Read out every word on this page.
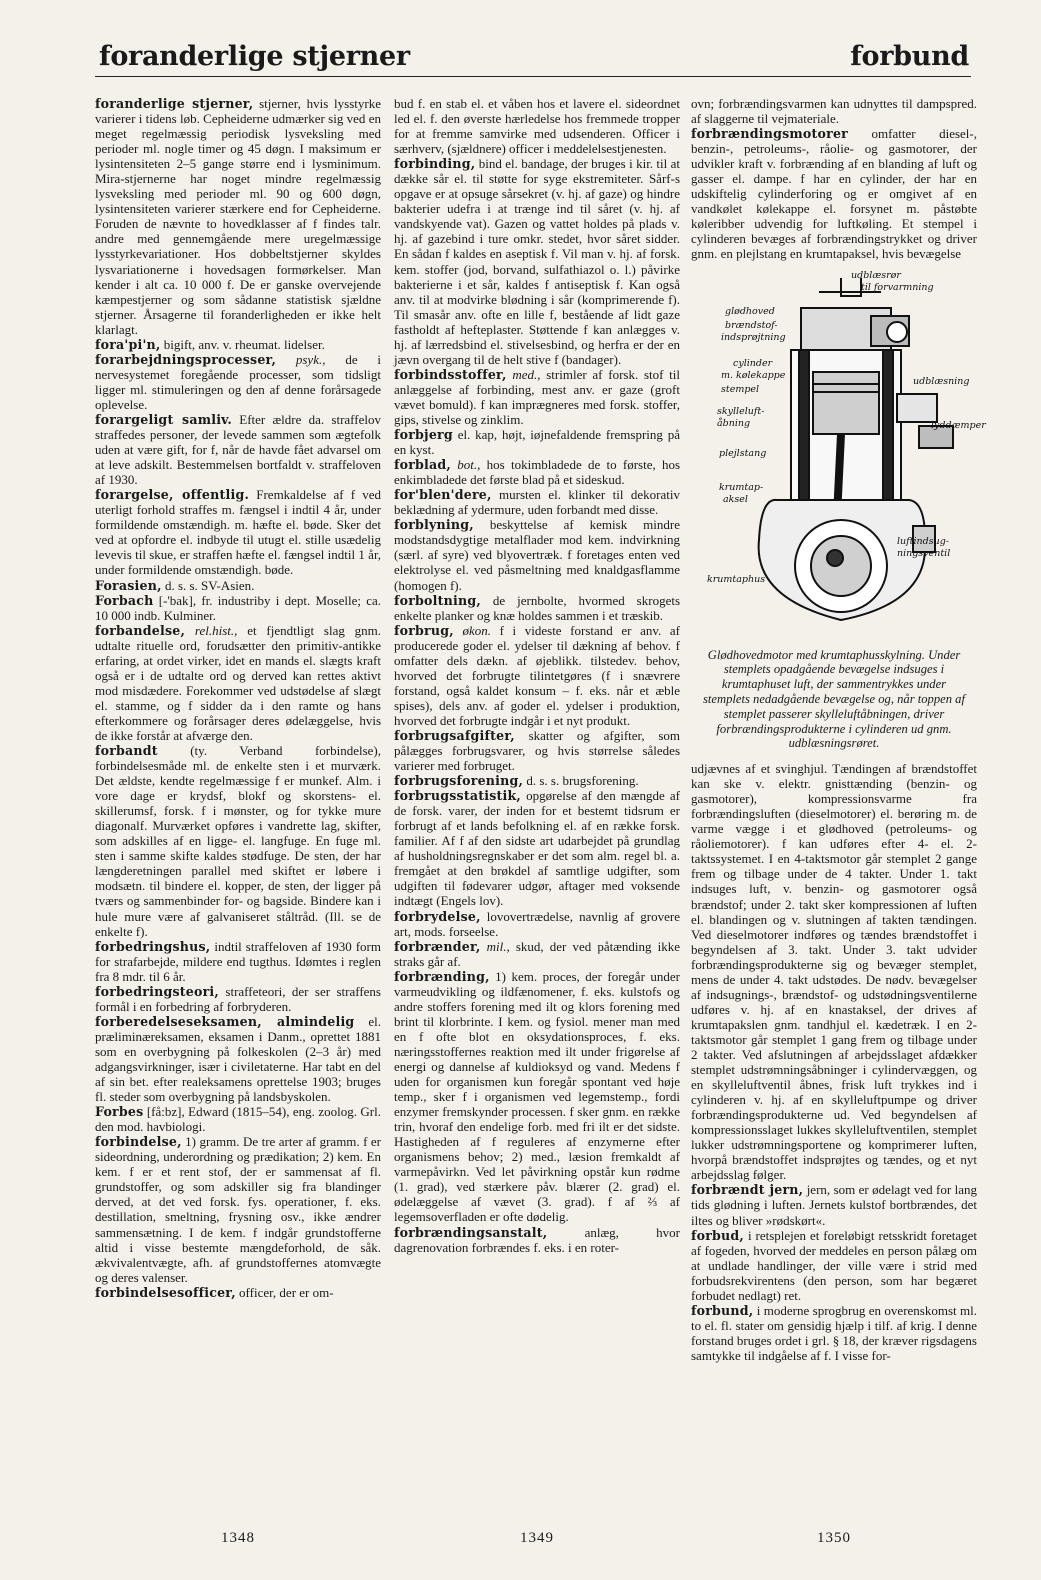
foranderlige stjerner	forbund

foranderlige stjerner, stjerner, hvis lysstyrke varierer i tidens løb. Cepheiderne udmærker sig ved en meget regelmæssig periodisk lysveksling med perioder ml. nogle timer og 45 døgn. I maksimum er lysintensiteten 2–5 gange større end i lysminimum. Mira-stjernerne har noget mindre regelmæssig lysveksling med perioder ml. 90 og 600 døgn, lysintensiteten varierer stærkere end for Cepheiderne. Foruden de nævnte to hovedklasser af f findes talr. andre med gennemgående mere uregelmæssige lysstyrkevariationer. Hos dobbeltstjerner skyldes lysvariationerne i hovedsagen formørkelser. Man kender i alt ca. 10 000 f. De er ganske overvejende kæmpestjerner og som sådanne statistisk sjældne stjerner. Årsagerne til foranderligheden er ikke helt klarlagt.

fora'pi'n, bigift, anv. v. rheumat. lidelser.

forarbejdningsprocesser, psyk., de i nervesystemet foregående processer, som tidsligt ligger ml. stimuleringen og den af denne forårsagede oplevelse.

forargeligt samliv. Efter ældre da. straffelov straffedes personer, der levede sammen som ægtefolk uden at være gift, for f, når de havde fået advarsel om at leve adskilt. Bestemmelsen bortfaldt v. straffeloven af 1930.

forargelse, offentlig. Fremkaldelse af f ved uterligt forhold straffes m. fængsel i indtil 4 år, under formildende omstændigh. m. hæfte el. bøde. Sker det ved at opfordre el. indbyde til utugt el. stille usædelig levevis til skue, er straffen hæfte el. fængsel indtil 1 år, under formildende omstændigh. bøde.

Forasien, d. s. s. SV-Asien.

Forbach [-'bak], fr. industriby i dept. Moselle; ca. 10 000 indb. Kulminer.

forbandelse, rel.hist., et fjendtligt slag gnm. udtalte rituelle ord, forudsætter den primitiv-antikke erfaring, at ordet virker, idet en mands el. slægts kraft også er i de udtalte ord og derved kan rettes aktivt mod misdædere. Forekommer ved udstødelse af slægt el. stamme, og f sidder da i den ramte og hans efterkommere og forårsager deres ødelæggelse, hvis de ikke forstår at afværge den.

forbandt (ty. Verband forbindelse), forbindelsesmåde ml. de enkelte sten i et murværk. Det ældste, kendte regelmæssige f er munkef. Alm. i vore dage er krydsf, blokf og skorstens- el. skillerumsf, forsk. f i mønster, og for tykke mure diagonalf. Murværket opføres i vandrette lag, skifter, som adskilles af en ligge- el. langfuge. En fuge ml. sten i samme skifte kaldes stødfuge. De sten, der har længderetningen parallel med skiftet er løbere i modsætn. til bindere el. kopper, de sten, der ligger på tværs og sammenbinder for- og bagside. Bindere kan i hule mure være af galvaniseret ståltråd. (Ill. se de enkelte f).

forbedringshus, indtil straffeloven af 1930 form for strafarbejde, mildere end tugthus. Idømtes i reglen fra 8 mdr. til 6 år.

forbedringsteori, straffeteori, der ser straffens formål i en forbedring af forbryderen.

forberedelseseksamen, almindelig el. præliminæreksamen, eksamen i Danm., oprettet 1881 som en overbygning på folkeskolen (2–3 år) med adgangsvirkninger, især i civiletaterne. Har tabt en del af sin bet. efter realeksamens oprettelse 1903; bruges fl. steder som overbygning på landsbyskolen.

Forbes [få:bz], Edward (1815–54), eng. zoolog. Grl. den mod. havbiologi.

forbindelse, 1) gramm. De tre arter af gramm. f er sideordning, underordning og prædikation; 2) kem. En kem. f er et rent stof, der er sammensat af fl. grundstoffer, og som adskiller sig fra blandinger derved, at det ved forsk. fys. operationer, f. eks. destillation, smeltning, frysning osv., ikke ændrer sammensætning. I de kem. f indgår grundstofferne altid i visse bestemte mængdeforhold, de såk. ækvivalentvægte, afh. af grundstoffernes atomvægte og deres valenser.

forbindelsesofficer, officer, der er om-

bud f. en stab el. et våben hos et lavere el. sideordnet led el. f. den øverste hærledelse hos fremmede tropper for at fremme samvirke med udsenderen. Officer i særhverv, (sjældnere) officer i meddelelsestjenesten.

forbinding, bind el. bandage, der bruges i kir. til at dække sår el. til støtte for syge ekstremiteter. Sårf-s opgave er at opsuge sårsekret (v. hj. af gaze) og hindre bakterier udefra i at trænge ind til såret (v. hj. af vandskyende vat). Gazen og vattet holdes på plads v. hj. af gazebind i ture omkr. stedet, hvor såret sidder. En sådan f kaldes en aseptisk f. Vil man v. hj. af forsk. kem. stoffer (jod, borvand, sulfathiazol o. l.) påvirke bakterierne i et sår, kaldes f antiseptisk f. Kan også anv. til at modvirke blødning i sår (komprimerende f). Til smasår anv. ofte en lille f, bestående af lidt gaze fastholdt af hefteplaster. Støttende f kan anlægges v. hj. af lærredsbind el. stivelsesbind, og herfra er der en jævn overgang til de helt stive f (bandager).

forbindsstoffer, med., strimler af forsk. stof til anlæggelse af forbinding, mest anv. er gaze (groft vævet bomuld). f kan imprægneres med forsk. stoffer, gips, stivelse og zinklim.

forbjerg el. kap, højt, iøjnefaldende fremspring på en kyst.

forblad, bot., hos tokimbladede de to første, hos enkimbladede det første blad på et sideskud.

for'blen'dere, mursten el. klinker til dekorativ beklædning af ydermure, uden forbandt med disse.

forblyning, beskyttelse af kemisk mindre modstandsdygtige metalflader mod kem. indvirkning (særl. af syre) ved blyovertræk. f foretages enten ved elektrolyse el. ved påsmeltning med knaldgasflamme (homogen f).

forboltning, de jernbolte, hvormed skrogets enkelte planker og knæ holdes sammen i et træskib.

forbrug, økon. f i videste forstand er anv. af producerede goder el. ydelser til dækning af behov. f omfatter dels dækn. af øjeblikk. tilstedev. behov, hvorved det forbrugte tilintetgøres (f i snævrere forstand, også kaldet konsum – f. eks. når et æble spises), dels anv. af goder el. ydelser i produktion, hvorved det forbrugte indgår i et nyt produkt.

forbrugsafgifter, skatter og afgifter, som pålægges forbrugsvarer, og hvis størrelse således varierer med forbruget.

forbrugsforening, d. s. s. brugsforening.

forbrugsstatistik, opgørelse af den mængde af de forsk. varer, der inden for et bestemt tidsrum er forbrugt af et lands befolkning el. af en række forsk. familier. Af f af den sidste art udarbejdet på grundlag af husholdningsregnskaber er det som alm. regel bl. a. fremgået at den brøkdel af samtlige udgifter, som udgiften til fødevarer udgør, aftager med voksende indtægt (Engels lov).

forbrydelse, lovovertrædelse, navnlig af grovere art, mods. forseelse.

forbrænder, mil., skud, der ved påtænding ikke straks går af.

forbrænding, 1) kem. proces, der foregår under varmeudvikling og ildfænomener, f. eks. kulstofs og andre stoffers forening med ilt og klors forening med brint til klorbrinte. I kem. og fysiol. mener man med en f ofte blot en oksydationsproces, f. eks. næringsstoffernes reaktion med ilt under frigørelse af energi og dannelse af kuldioksyd og vand. Medens f uden for organismen kun foregår spontant ved høje temp., sker f i organismen ved legemstemp., fordi enzymer fremskynder processen. f sker gnm. en række trin, hvoraf den endelige forb. med fri ilt er det sidste. Hastigheden af f reguleres af enzymerne efter organismens behov; 2) med., læsion fremkaldt af varmepåvirkn. Ved let påvirkning opstår kun rødme (1. grad), ved stærkere påv. blærer (2. grad) el. ødelæggelse af vævet (3. grad). f af ⅔ af legemsoverfladen er ofte dødelig.

forbrændingsanstalt,	anlæg, hvor dagrenovation forbrændes f. eks. i en roter-

ovn; forbrændingsvarmen kan udnyttes til dampspred. af slaggerne til vejmateriale.

forbrændingsmotorer omfatter diesel-, benzin-, petroleums-, råolie- og gasmotorer, der udvikler kraft v. forbrænding af en blanding af luft og gasser el. dampe. f har en cylinder, der har en udskiftelig cylinderforing og er omgivet af en vandkølet kølekappe el. forsynet m. påstøbte køleribber udvendig for luftkøling. Et stempel i cylinderen bevæges af forbrændingstrykket og driver gnm. en plejlstang en krumtapaksel, hvis bevægelse

udblæsrør
til forvarmning
glødhoved
brændstof-
indsprøjtning
cylinder
m. kølekappe
stempel
udblæsning
skylleluft-
åbning	lyddæmper
plejlstang
krumtap-
aksel
luftindsug-
ningsventil
krumtaphus
Glødhovedmotor med krumtaphusskylning. Under stemplets opadgående bevægelse indsuges i krumtaphuset luft, der sammentrykkes under stemplets nedadgående bevægelse og, når toppen af stemplet passerer skylleluftåbningen, driver forbrændingsprodukterne i cylinderen ud gnm. udblæsningsrøret.

udjævnes af et svinghjul. Tændingen af brændstoffet kan ske v. elektr. gnisttænding (benzin- og gasmotorer), kompressionsvarme fra forbrændingsluften (dieselmotorer) el. berøring m. de varme vægge i et glødhoved (petroleums- og råoliemotorer). f kan udføres efter 4- el. 2-taktssystemet. I en 4-taktsmotor går stemplet 2 gange frem og tilbage under de 4 takter. Under 1. takt indsuges luft, v. benzin- og gasmotorer også brændstof; under 2. takt sker kompressionen af luften el. blandingen og v. slutningen af takten tændingen. Ved dieselmotorer indføres og tændes brændstoffet i begyndelsen af 3. takt. Under 3. takt udvider forbrændingsprodukterne sig og bevæger stemplet, mens de under 4. takt udstødes. De nødv. bevægelser af indsugnings-, brændstof- og udstødningsventilerne udføres v. hj. af en knastaksel, der drives af krumtapakslen gnm. tandhjul el. kædetræk. I en 2-taktsmotor går stemplet 1 gang frem og tilbage under 2 takter. Ved afslutningen af arbejdsslaget afdækker stemplet udstrømningsåbninger i cylindervæggen, og en skylleluftventil åbnes, frisk luft trykkes ind i cylinderen v. hj. af en skylleluftpumpe og driver forbrændingsprodukterne ud. Ved begyndelsen af kompressionsslaget lukkes skylleluftventilen, stemplet lukker udstrømningsportene og komprimerer luften, hvorpå brændstoffet indsprøjtes og tændes, og et nyt arbejdsslag følger.

forbrændt jern, jern, som er ødelagt ved for lang tids glødning i luften. Jernets kulstof bortbrændes, det iltes og bliver »rødskørt«.

forbud, i retsplejen et foreløbigt retsskridt foretaget af fogeden, hvorved der meddeles en person pålæg om at undlade handlinger, der ville være i strid med forbudsrekvirentens (den person, som har begæret forbudet nedlagt) ret.

forbund, i moderne sprogbrug en overenskomst ml. to el. fl. stater om gensidig hjælp i tilf. af krig. I denne forstand bruges ordet i grl. § 18, der kræver rigsdagens samtykke til indgåelse af f. I visse for-

1348	1349	1350
